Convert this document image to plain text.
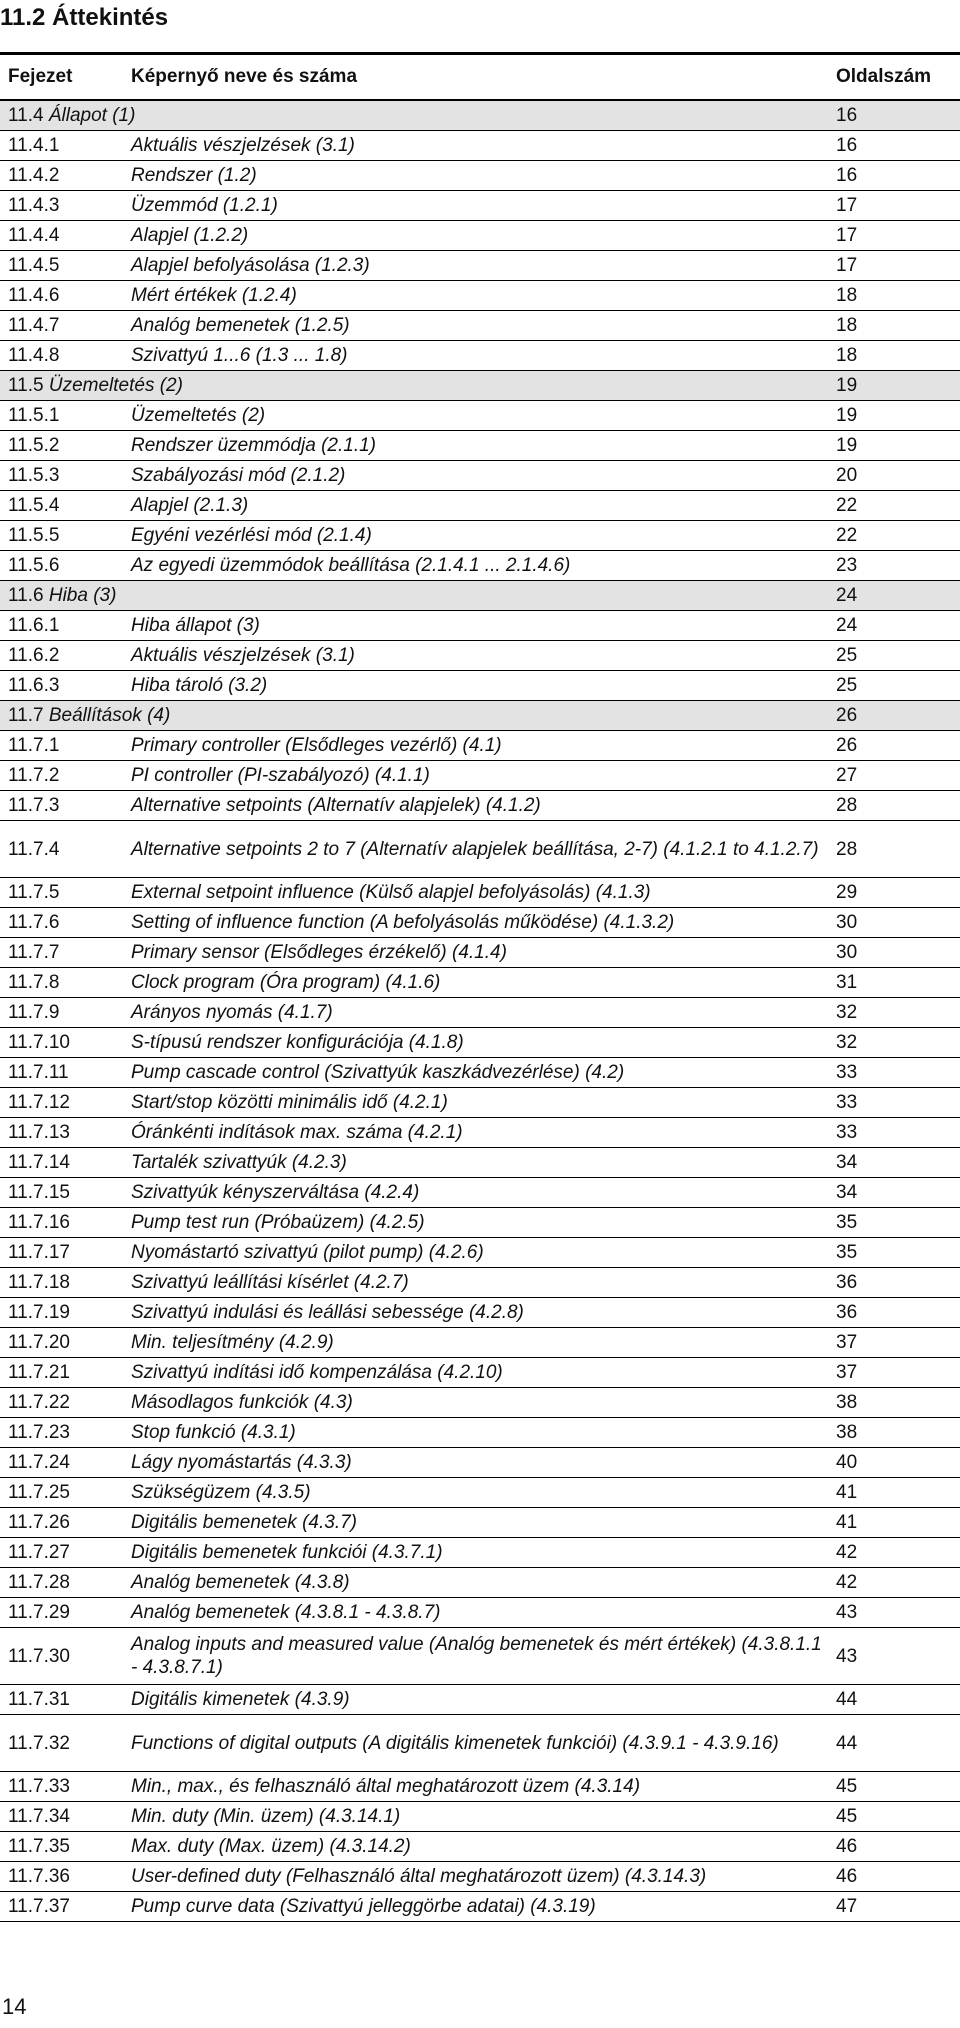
11.2 Áttekintés
Fejezet	Képernyő neve és száma	Oldalszám
11.4 Állapot (1)		16
11.4.1	Aktuális vészjelzések (3.1)	16
11.4.2	Rendszer (1.2)	16
11.4.3	Üzemmód (1.2.1)	17
11.4.4	Alapjel (1.2.2)	17
11.4.5	Alapjel befolyásolása (1.2.3)	17
11.4.6	Mért értékek (1.2.4)	18
11.4.7	Analóg bemenetek (1.2.5)	18
11.4.8	Szivattyú 1...6 (1.3 ... 1.8)	18
11.5 Üzemeltetés (2)		19
11.5.1	Üzemeltetés (2)	19
11.5.2	Rendszer üzemmódja (2.1.1)	19
11.5.3	Szabályozási mód (2.1.2)	20
11.5.4	Alapjel (2.1.3)	22
11.5.5	Egyéni vezérlési mód (2.1.4)	22
11.5.6	Az egyedi üzemmódok beállítása (2.1.4.1 ... 2.1.4.6)	23
11.6 Hiba (3)		24
11.6.1	Hiba állapot (3)	24
11.6.2	Aktuális vészjelzések (3.1)	25
11.6.3	Hiba tároló (3.2)	25
11.7 Beállítások (4)		26
11.7.1	Primary controller (Elsődleges vezérlő) (4.1)	26
11.7.2	PI controller (PI-szabályozó) (4.1.1)	27
11.7.3	Alternative setpoints (Alternatív alapjelek) (4.1.2)	28
11.7.4	Alternative setpoints 2 to 7 (Alternatív alapjelek beállítása, 2-7) (4.1.2.1 to 4.1.2.7)	28
11.7.5	External setpoint influence (Külső alapjel befolyásolás) (4.1.3)	29
11.7.6	Setting of influence function (A befolyásolás működése) (4.1.3.2)	30
11.7.7	Primary sensor (Elsődleges érzékelő) (4.1.4)	30
11.7.8	Clock program (Óra program) (4.1.6)	31
11.7.9	Arányos nyomás (4.1.7)	32
11.7.10	S-típusú rendszer konfigurációja (4.1.8)	32
11.7.11	Pump cascade control (Szivattyúk kaszkádvezérlése) (4.2)	33
11.7.12	Start/stop közötti minimális idő (4.2.1)	33
11.7.13	Óránkénti indítások max. száma (4.2.1)	33
11.7.14	Tartalék szivattyúk (4.2.3)	34
11.7.15	Szivattyúk kényszerváltása (4.2.4)	34
11.7.16	Pump test run (Próbaüzem) (4.2.5)	35
11.7.17	Nyomástartó szivattyú (pilot pump) (4.2.6)	35
11.7.18	Szivattyú leállítási kísérlet (4.2.7)	36
11.7.19	Szivattyú indulási és leállási sebessége (4.2.8)	36
11.7.20	Min. teljesítmény (4.2.9)	37
11.7.21	Szivattyú indítási idő kompenzálása (4.2.10)	37
11.7.22	Másodlagos funkciók (4.3)	38
11.7.23	Stop funkció (4.3.1)	38
11.7.24	Lágy nyomástartás (4.3.3)	40
11.7.25	Szükségüzem (4.3.5)	41
11.7.26	Digitális bemenetek (4.3.7)	41
11.7.27	Digitális bemenetek funkciói (4.3.7.1)	42
11.7.28	Analóg bemenetek (4.3.8)	42
11.7.29	Analóg bemenetek (4.3.8.1 - 4.3.8.7)	43
11.7.30	Analog inputs and measured value (Analóg bemenetek és mért értékek) (4.3.8.1.1 - 4.3.8.7.1)	43
11.7.31	Digitális kimenetek (4.3.9)	44
11.7.32	Functions of digital outputs (A digitális kimenetek funkciói) (4.3.9.1 - 4.3.9.16)	44
11.7.33	Min., max., és felhasználó által meghatározott üzem (4.3.14)	45
11.7.34	Min. duty (Min. üzem) (4.3.14.1)	45
11.7.35	Max. duty (Max. üzem) (4.3.14.2)	46
11.7.36	User-defined duty (Felhasználó által meghatározott üzem) (4.3.14.3)	46
11.7.37	Pump curve data (Szivattyú jelleggörbe adatai) (4.3.19)	47
14
